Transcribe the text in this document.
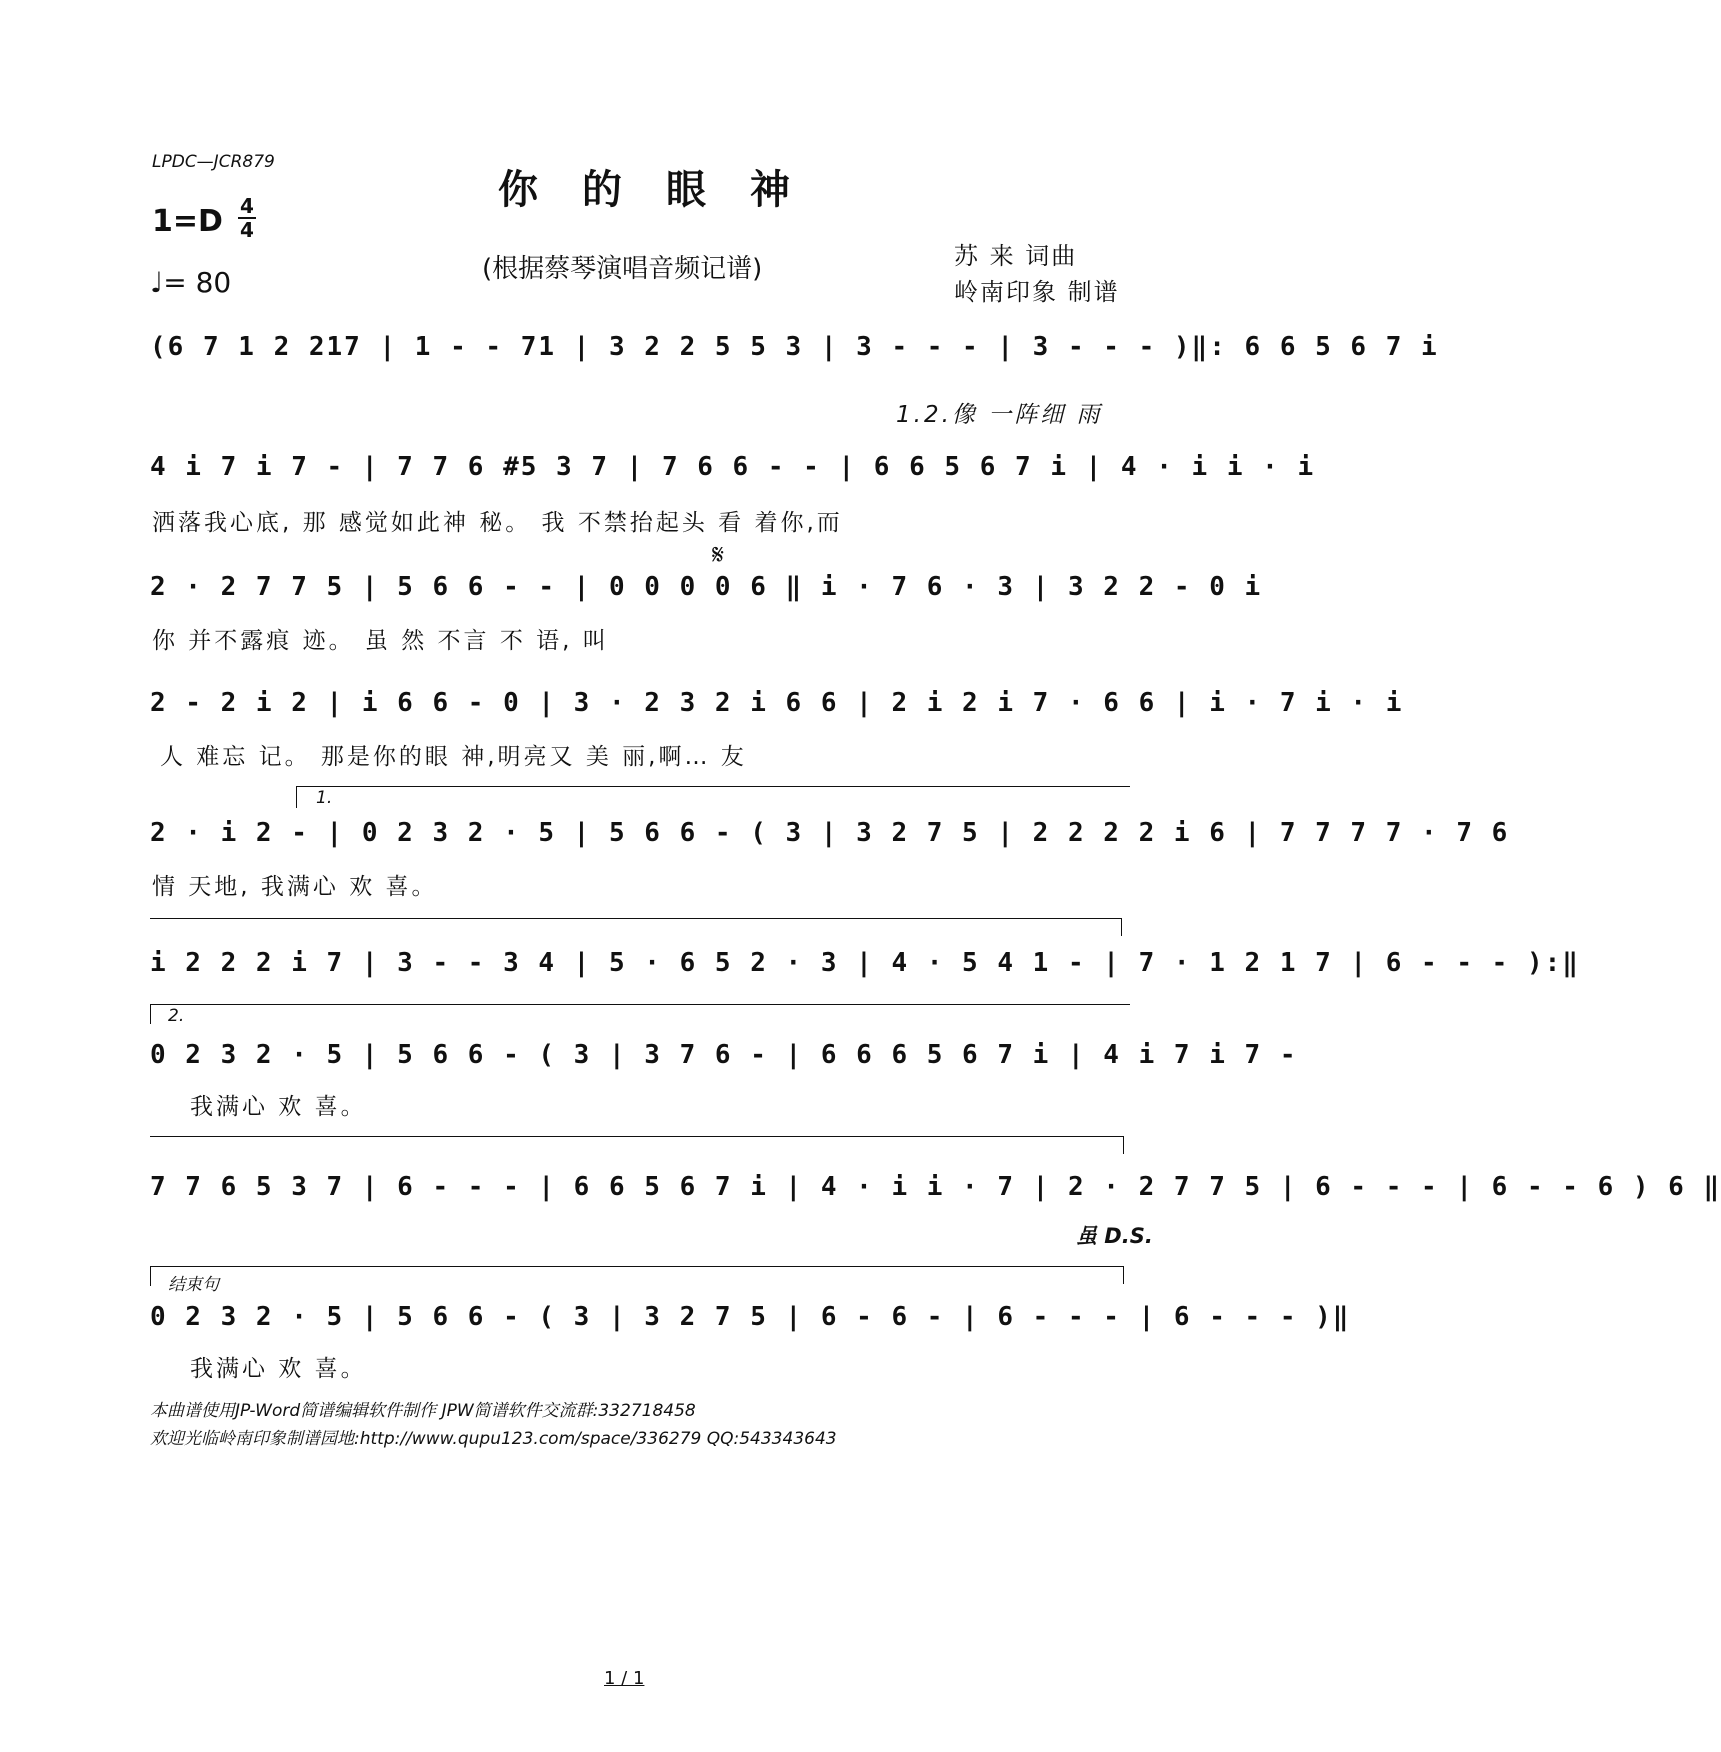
LPDC—JCR879
你的眼神
1=D 4
4
♩= 80	(根据蔡琴演唱音频记谱)	苏 来 词曲
岭南印象 制谱
(6 7 1 2 217 | 1 - - 71 | 3 2 2 5 5 3 | 3 - - - | 3 - - - )‖: 6 6 5 6 7 i
1.2.像 一阵细 雨
4 i 7 i 7 - | 7 7 6 #5 3 7 | 7 6 6 - - | 6 6 5 6 7 i | 4 · i i · i
洒落我心底, 那 感觉如此神 秘。 我 不禁抬起头 看 着你,而
𝄋
2 · 2 7 7 5 | 5 6 6 - - | 0 0 0 0 6 ‖ i · 7 6 · 3 | 3 2 2 - 0 i
你 并不露痕 迹。 虽 然 不言 不 语, 叫
2 - 2 i 2 | i 6 6 - 0 | 3 · 2 3 2 i 6 6 | 2 i 2 i 7 · 6 6 | i · 7 i · i
人 难忘 记。 那是你的眼 神,明亮又 美 丽,啊… 友
1.
2 · i 2 - | 0 2 3 2 · 5 | 5 6 6 - ( 3 | 3 2 7 5 | 2 2 2 2 i 6 | 7 7 7 7 · 7 6
情 天地, 我满心 欢 喜。
i 2 2 2 i 7 | 3 - - 3 4 | 5 · 6 5 2 · 3 | 4 · 5 4 1 - | 7 · 1 2 1 7 | 6 - - - ):‖
2.
0 2 3 2 · 5 | 5 6 6 - ( 3 | 3 7 6 - | 6 6 6 5 6 7 i | 4 i 7 i 7 -
我满心 欢 喜。
7 7 6 5 3 7 | 6 - - - | 6 6 5 6 7 i | 4 · i i · 7 | 2 · 2 7 7 5 | 6 - - - | 6 - - 6 ) 6 ‖
虽 D.S.
结束句
0 2 3 2 · 5 | 5 6 6 - ( 3 | 3 2 7 5 | 6 - 6 - | 6 - - - | 6 - - - )‖
我满心 欢 喜。
本曲谱使用JP-Word简谱编辑软件制作 JPW简谱软件交流群:332718458
欢迎光临岭南印象制谱园地:http://www.qupu123.com/space/336279 QQ:543343643
1 / 1
